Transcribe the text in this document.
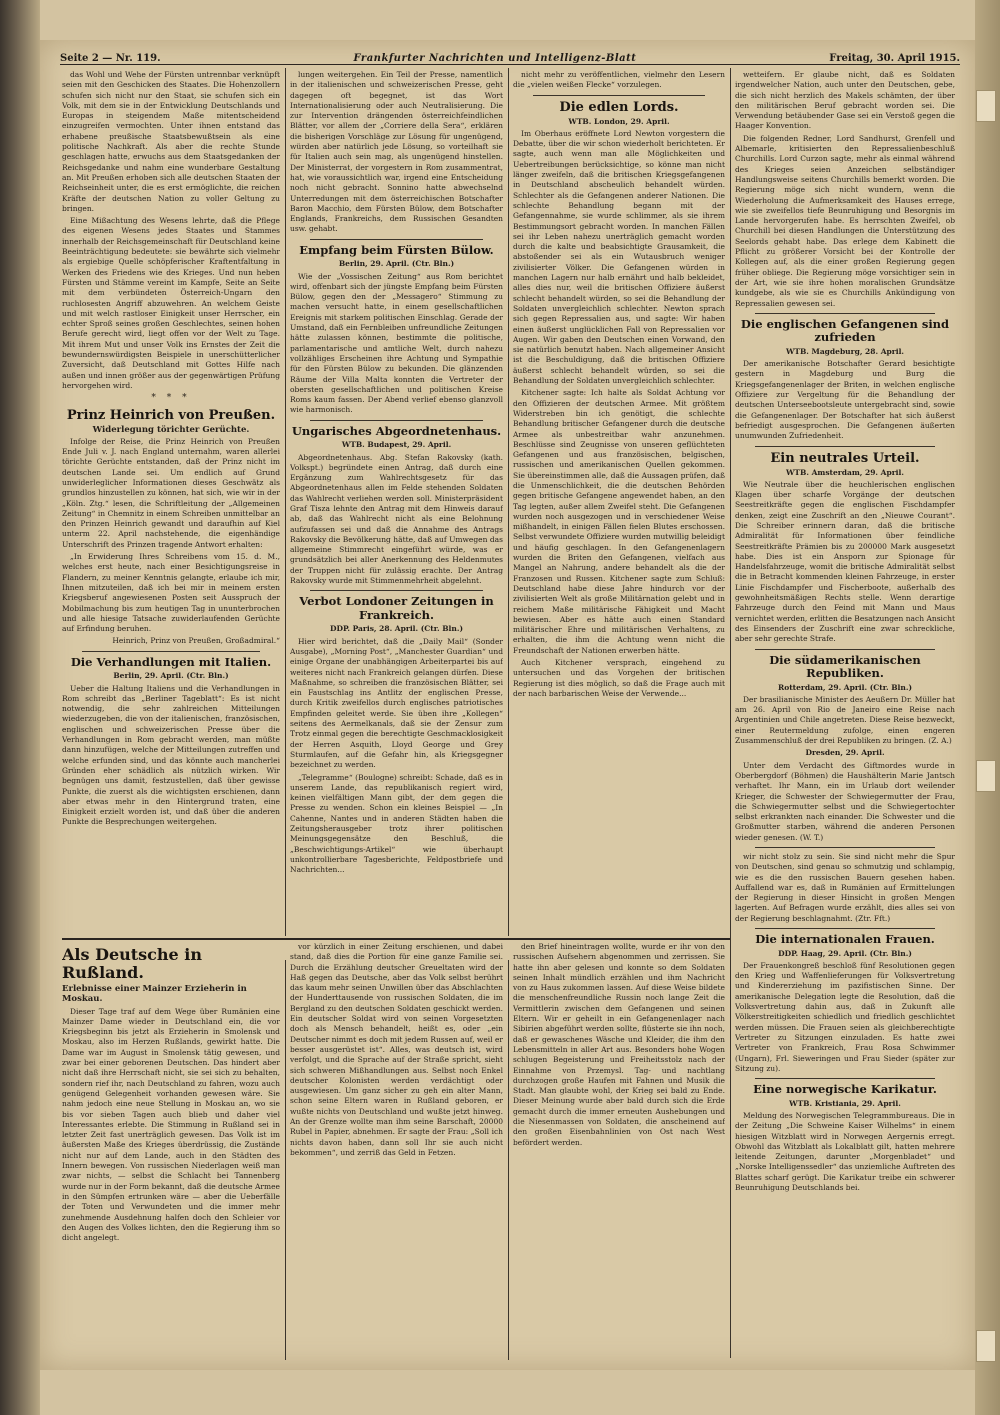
Seite 2 — Nr. 119.	Frankfurter Nachrichten und Intelligenz-Blatt	Freitag, 30. April 1915.

das Wohl und Wehe der Fürsten untrennbar verknüpft seien mit den Geschicken des Staates. Die Hohenzollern schufen sich nicht nur den Staat, sie schufen sich ein Volk, mit dem sie in der Entwicklung Deutschlands und Europas in steigendem Maße mitentscheidend einzugreifen vermochten. Unter ihnen entstand das erhabene preußische Staatsbewußtsein als eine politische Nachkraft. Als aber die rechte Stunde geschlagen hatte, erwuchs aus dem Staatsgedanken der Reichsgedanke und nahm eine wunderbare Gestaltung an. Mit Preußen erhoben sich alle deutschen Staaten der Reichseinheit unter, die es erst ermöglichte, die reichen Kräfte der deutschen Nation zu voller Geltung zu bringen.

Eine Mißachtung des Wesens lehrte, daß die Pflege des eigenen Wesens jedes Staates und Stammes innerhalb der Reichsgemeinschaft für Deutschland keine Beeinträchtigung bedeutete: sie bewährte sich vielmehr als ergiebige Quelle schöpferischer Kraftentfaltung in Werken des Friedens wie des Krieges. Und nun heben Fürsten und Stämme vereint im Kampfe, Seite an Seite mit dem verbündeten Österreich-Ungarn den ruchlosesten Angriff abzuwehren. An welchem Geiste und mit welch rastloser Einigkeit unser Herrscher, ein echter Sproß seines großen Geschlechtes, seinen hohen Berufe gerecht wird, liegt offen vor der Welt zu Tage. Mit ihrem Mut und unser Volk ins Ernstes der Zeit die bewundernswürdigsten Beispiele in unerschütterlicher Zuversicht, daß Deutschland mit Gottes Hilfe nach außen und innen größer aus der gegenwärtigen Prüfung hervorgehen wird.

* * *

Prinz Heinrich von Preußen.

Widerlegung törichter Gerüchte.

Infolge der Reise, die Prinz Heinrich von Preußen Ende Juli v. J. nach England unternahm, waren allerlei törichte Gerüchte entstanden, daß der Prinz nicht im deutschen Lande sei. Um endlich auf Grund unwiderleglicher Informationen dieses Geschwätz als grundlos hinzustellen zu können, hat sich, wie wir in der „Köln. Ztg.“ lesen, die Schriftleitung der „Allgemeinen Zeitung“ in Chemnitz in einem Schreiben unmittelbar an den Prinzen Heinrich gewandt und daraufhin auf Kiel unterm 22. April nachstehende, die eigenhändige Unterschrift des Prinzen tragende Antwort erhalten:

„In Erwiderung Ihres Schreibens vom 15. d. M., welches erst heute, nach einer Besichtigungsreise in Flandern, zu meiner Kenntnis gelangte, erlaube ich mir, Ihnen mitzuteilen, daß ich bei mir in meinem ersten Kriegsberuf angewiesenen Posten seit Ausspruch der Mobilmachung bis zum heutigen Tag in ununterbrochen und alle hiesige Tatsache zuwiderlaufenden Gerüchte auf Erfindung beruhen.

Heinrich, Prinz von Preußen, Großadmiral.“

Die Verhandlungen mit Italien.

Berlin, 29. April. (Ctr. Bln.)

Ueber die Haltung Italiens und die Verhandlungen in Rom schreibt das „Berliner Tageblatt“: Es ist nicht notwendig, die sehr zahlreichen Mitteilungen wiederzugeben, die von der italienischen, französischen, englischen und schweizerischen Presse über die Verhandlungen in Rom gebracht werden, man müßte dann hinzufügen, welche der Mitteilungen zutreffen und welche erfunden sind, und das könnte auch mancherlei Gründen eher schädlich als nützlich wirken. Wir begnügen uns damit, festzustellen, daß über gewisse Punkte, die zuerst als die wichtigsten erschienen, dann aber etwas mehr in den Hintergrund traten, eine Einigkeit erzielt worden ist, und daß über die anderen Punkte die Besprechungen weitergehen.

lungen weitergehen. Ein Teil der Presse, namentlich in der italienischen und schweizerischen Presse, geht dagegen oft begegnet, ist das Wort Internationalisierung oder auch Neutralisierung. Die zur Intervention drängenden österreichfeindlichen Blätter, vor allem der „Corriere della Sera“, erklären die bisherigen Vorschläge zur Lösung für ungenügend, würden aber natürlich jede Lösung, so vorteilhaft sie für Italien auch sein mag, als ungenügend hinstellen. Der Ministerrat, der vorgestern in Rom zusammentrat, hat, wie voraussichtlich war, irgend eine Entscheidung noch nicht gebracht. Sonnino hatte abwechselnd Unterredungen mit dem österreichischen Botschafter Baron Macchio, dem Fürsten Bülow, dem Botschafter Englands, Frankreichs, dem Russischen Gesandten usw. gehabt.

Empfang beim Fürsten Bülow.

Berlin, 29. April. (Ctr. Bln.)

Wie der „Vossischen Zeitung“ aus Rom berichtet wird, offenbart sich der jüngste Empfang beim Fürsten Bülow, gegen den der „Messagero“ Stimmung zu machen versucht hatte, in einem gesellschaftlichen Ereignis mit starkem politischen Einschlag. Gerade der Umstand, daß ein Fernbleiben unfreundliche Zeitungen hätte zulassen können, bestimmte die politische, parlamentarische und amtliche Welt, durch nahezu vollzähliges Erscheinen ihre Achtung und Sympathie für den Fürsten Bülow zu bekunden. Die glänzenden Räume der Villa Malta konnten die Vertreter der obersten gesellschaftlichen und politischen Kreise Roms kaum fassen. Der Abend verlief ebenso glanzvoll wie harmonisch.

Ungarisches Abgeordnetenhaus.

WTB. Budapest, 29. April.

Abgeordnetenhaus. Abg. Stefan Rakovsky (kath. Volkspt.) begründete einen Antrag, daß durch eine Ergänzung zum Wahlrechtsgesetz für das Abgeordnetenhaus allen im Felde stehenden Soldaten das Wahlrecht verliehen werden soll. Ministerpräsident Graf Tisza lehnte den Antrag mit dem Hinweis darauf ab, daß das Wahlrecht nicht als eine Belohnung aufzufassen sei und daß die Annahme des Antrags Rakovsky die Bevölkerung hätte, daß auf Umwegen das allgemeine Stimmrecht eingeführt würde, was er grundsätzlich bei aller Anerkennung des Heldenmutes der Truppen nicht für zulässig erachte. Der Antrag Rakovsky wurde mit Stimmenmehrheit abgelehnt.

Verbot Londoner Zeitungen in Frankreich.

DDP. Paris, 28. April. (Ctr. Bln.)

Hier wird berichtet, daß die „Daily Mail“ (Sonder Ausgabe), „Morning Post“, „Manchester Guardian“ und einige Organe der unabhängigen Arbeiterpartei bis auf weiteres nicht nach Frankreich gelangen dürfen. Diese Maßnahme, so schreiben die französischen Blätter, sei ein Faustschlag ins Antlitz der englischen Presse, durch Kritik zweifellos durch englisches patriotisches Empfinden geleitet werde. Sie üben ihre „Kollegen“ seitens des Aermelkanals, daß sie der Zensur zum Trotz einmal gegen die berechtigte Geschmacklosigkeit der Herren Asquith, Lloyd George und Grey Sturmlaufen, auf die Gefahr hin, als Kriegsgegner bezeichnet zu werden.

„Telegramme“ (Boulogne) schreibt: Schade, daß es in unserem Lande, das republikanisch regiert wird, keinen vielfältigen Mann gibt, der dem gegen die Presse zu wenden. Schon ein kleines Beispiel — „In Cahenne, Nantes und in anderen Städten haben die Zeitungsherausgeber trotz ihrer politischen Meinungsgegensätze den Beschluß, die „Beschwichtigungs-Artikel“ wie überhaupt unkontrollierbare Tagesberichte, Feldpostbriefe und Nachrichten...

nicht mehr zu veröffentlichen, vielmehr den Lesern die „vielen weißen Flecke“ vorzulegen.

Die edlen Lords.

WTB. London, 29. April.

Im Oberhaus eröffnete Lord Newton vorgestern die Debatte, über die wir schon wiederholt berichteten. Er sagte, auch wenn man alle Möglichkeiten und Uebertreibungen berücksichtige, so könne man nicht länger zweifeln, daß die britischen Kriegsgefangenen in Deutschland abscheulich behandelt würden. Schlechter als die Gefangenen anderer Nationen. Die schlechte Behandlung begann mit der Gefangennahme, sie wurde schlimmer, als sie ihrem Bestimmungsort gebracht worden. In manchen Fällen sei ihr Leben nahezu unerträglich gemacht worden durch die kalte und beabsichtigte Grausamkeit, die abstoßender sei als ein Wutausbruch weniger zivilisierter Völker. Die Gefangenen würden in manchen Lagern nur halb ernährt und halb bekleidet, alles dies nur, weil die britischen Offiziere äußerst schlecht behandelt würden, so sei die Behandlung der Soldaten unvergleichlich schlechter. Newton sprach sich gegen Repressalien aus, und sagte: Wir haben einen äußerst unglücklichen Fall von Repressalien vor Augen. Wir gaben den Deutschen einen Vorwand, den sie natürlich benutzt haben. Nach allgemeiner Ansicht ist die Beschuldigung, daß die britischen Offiziere äußerst schlecht behandelt würden, so sei die Behandlung der Soldaten unvergleichlich schlechter.

Kitchener sagte: Ich halte als Soldat Achtung vor den Offizieren der deutschen Armee. Mit größtem Widerstreben bin ich genötigt, die schlechte Behandlung britischer Gefangener durch die deutsche Armee als unbestreitbar wahr anzunehmen. Beschlüsse sind Zeugnisse von unseren geflüchteten Gefangenen und aus französischen, belgischen, russischen und amerikanischen Quellen gekommen. Sie übereinstimmen alle, daß die Aussagen prüfen, daß die Unmenschlichkeit, die die deutschen Behörden gegen britische Gefangene angewendet haben, an den Tag legten, außer allem Zweifel steht. Die Gefangenen wurden noch ausgezogen und in verschiedener Weise mißhandelt, in einigen Fällen fielen Blutes erschossen. Selbst verwundete Offiziere wurden mutwillig beleidigt und häufig geschlagen. In den Gefangenenlagern wurden die Briten den Gefangenen, vielfach aus Mangel an Nahrung, andere behandelt als die der Franzosen und Russen. Kitchener sagte zum Schluß: Deutschland habe diese Jahre hindurch vor der zivilisierten Welt als große Militärnation gelebt und in reichem Maße militärische Fähigkeit und Macht bewiesen. Aber es hätte auch einen Standard militärischer Ehre und militärischen Verhaltens, zu erhalten, die ihm die Achtung wenn nicht die Freundschaft der Nationen erwerben hätte.

Auch Kitchener versprach, eingehend zu untersuchen und das Vorgehen der britischen Regierung ist dies möglich, so daß die Frage auch mit der nach barbarischen Weise der Verwende...

wetteifern. Er glaube nicht, daß es Soldaten irgendwelcher Nation, auch unter den Deutschen, gebe, die sich nicht herzlich des Makels schämten, der über den militärischen Beruf gebracht worden sei. Die Verwendung betäubender Gase sei ein Verstoß gegen die Haager Konvention.

Die folgenden Redner, Lord Sandhurst, Grenfell und Albemarle, kritisierten den Repressalienbeschluß Churchills. Lord Curzon sagte, mehr als einmal während des Krieges seien Anzeichen selbständiger Handlungsweise seitens Churchills bemerkt worden. Die Regierung möge sich nicht wundern, wenn die Wiederholung die Aufmerksamkeit des Hauses errege, wie sie zweifellos tiefe Beunruhigung und Besorgnis im Lande hervorgerufen habe. Es herrschten Zweifel, ob Churchill bei diesen Handlungen die Unterstützung des Seelords gehabt habe. Das erlege dem Kabinett die Pflicht zu größerer Vorsicht bei der Kontrolle der Kollegen auf, als die einer großen Regierung gegen früher obliege. Die Regierung möge vorsichtiger sein in der Art, wie sie ihre hohen moralischen Grundsätze kundgebe, als wie sie es Churchills Ankündigung von Repressalien gewesen sei.

Die englischen Gefangenen sind zufrieden

WTB. Magdeburg, 28. April.

Der amerikanische Botschafter Gerard besichtigte gestern in Magdeburg und Burg die Kriegsgefangenenlager der Briten, in welchen englische Offiziere zur Vergeltung für die Behandlung der deutschen Unterseebootsleute untergebracht sind, sowie die Gefangenenlager. Der Botschafter hat sich äußerst befriedigt ausgesprochen. Die Gefangenen äußerten unumwunden Zufriedenheit.

Ein neutrales Urteil.

WTB. Amsterdam, 29. April.

Wie Neutrale über die heuchlerischen englischen Klagen über scharfe Vorgänge der deutschen Seestreitkräfte gegen die englischen Fischdampfer denken, zeigt eine Zuschrift an den „Nieuwe Courant“. Die Schreiber erinnern daran, daß die britische Admiralität für Informationen über feindliche Seestreitkräfte Prämien bis zu 200000 Mark ausgesetzt habe. Dies ist ein Ansporn zur Spionage für Handelsfahrzeuge, womit die britische Admiralität selbst die in Betracht kommenden kleinen Fahrzeuge, in erster Linie Fischdampfer und Fischerboote, außerhalb des gewohnheitsmäßigen Rechts stelle. Wenn derartige Fahrzeuge durch den Feind mit Mann und Maus vernichtet werden, erlitten die Besatzungen nach Ansicht des Einsenders der Zuschrift eine zwar schreckliche, aber sehr gerechte Strafe.

Die südamerikanischen Republiken.

Rotterdam, 29. April. (Ctr. Bln.)

Der brasilianische Minister des Aeußern Dr. Müller hat am 26. April von Rio de Janeiro eine Reise nach Argentinien und Chile angetreten. Diese Reise bezweckt, einer Reutermeldung zufolge, einen engeren Zusammenschluß der drei Republiken zu bringen. (Z. A.)

Dresden, 29. April.

Unter dem Verdacht des Giftmordes wurde in Oberbergdorf (Böhmen) die Haushälterin Marie Jantsch verhaftet. Ihr Mann, ein im Urlaub dort weilender Krieger, die Schwester der Schwiegermutter der Frau, die Schwiegermutter selbst und die Schwiegertochter selbst erkrankten nach einander. Die Schwester und die Großmutter starben, während die anderen Personen wieder genesen. (W. T.)

wir nicht stolz zu sein. Sie sind nicht mehr die Spur von Deutschen, sind genau so schmutzig und schlampig, wie es die den russischen Bauern gesehen haben. Auffallend war es, daß in Rumänien auf Ermittelungen der Regierung in dieser Hinsicht in großen Mengen lagerten. Auf Befragen wurde erzählt, dies alles sei von der Regierung beschlagnahmt. (Ztr. Fft.)

Die internationalen Frauen.

DDP. Haag, 29. April. (Ctr. Bln.)

Der Frauenkongreß beschloß fünf Resolutionen gegen den Krieg und Waffenlieferungen für Volksvertretung und Kindererziehung im pazifistischen Sinne. Der amerikanische Delegation legte die Resolution, daß die Volksvertretung dahin aus, daß in Zukunft alle Völkerstreitigkeiten schiedlich und friedlich geschlichtet werden müssen. Die Frauen seien als gleichberechtigte Vertreter zu Sitzungen einzuladen. Es hatte zwei Vertreter von Frankreich, Frau Rosa Schwimmer (Ungarn), Frl. Sieweringen und Frau Sieder (später zur Sitzung zu).

Eine norwegische Karikatur.

WTB. Kristiania, 29. April.

Meldung des Norwegischen Telegrammbureaus. Die in der Zeitung „Die Schweine Kaiser Wilhelms“ in einem hiesigen Witzblatt wird in Norwegen Aergernis erregt. Obwohl das Witzblatt als Lokalblatt gilt, hatten mehrere leitende Zeitungen, darunter „Morgenbladet“ und „Norske Intelligenssedler“ das unziemliche Auftreten des Blattes scharf gerügt. Die Karikatur treibe ein schwerer Beunruhigung Deutschlands bei.

Als Deutsche in Rußland.

Erlebnisse einer Mainzer Erzieherin in Moskau.

Dieser Tage traf auf dem Wege über Rumänien eine Mainzer Dame wieder in Deutschland ein, die vor Kriegsbeginn bis jetzt als Erzieherin in Smolensk und Moskau, also im Herzen Rußlands, gewirkt hatte. Die Dame war im August in Smolensk tätig gewesen, und zwar bei einer geborenen Deutschen. Das hindert aber nicht daß ihre Herrschaft nicht, sie sei sich zu behalten, sondern rief ihr, nach Deutschland zu fahren, wozu auch genügend Gelegenheit vorhanden gewesen wäre. Sie nahm jedoch eine neue Stellung in Moskau an, wo sie bis vor sieben Tagen auch blieb und daher viel Interessantes erlebte. Die Stimmung in Rußland sei in letzter Zeit fast unerträglich gewesen. Das Volk ist im äußersten Maße des Krieges überdrüssig, die Zustände nicht nur auf dem Lande, auch in den Städten des Innern bewegen. Von russischen Niederlagen weiß man zwar nichts, — selbst die Schlacht bei Tannenberg wurde nur in der Form bekannt, daß die deutsche Armee in den Sümpfen ertrunken wäre — aber die Ueberfälle der Toten und Verwundeten und die immer mehr zunehmende Ausdehnung halfen doch den Schleier vor den Augen des Volkes lichten, den die Regierung ihm so dicht angelegt.

vor kürzlich in einer Zeitung erschienen, und dabei stand, daß dies die Portion für eine ganze Familie sei. Durch die Erzählung deutscher Greueltaten wird der Haß gegen das Deutsche, aber das Volk selbst berührt das kaum mehr seinen Unwillen über das Abschlachten der Hunderttausende von russischen Soldaten, die im Bergland zu den deutschen Soldaten geschickt werden. Ein deutscher Soldat wird von seinen Vorgesetzten doch als Mensch behandelt, heißt es, oder „ein Deutscher nimmt es doch mit jedem Russen auf, weil er besser ausgerüstet ist“. Alles, was deutsch ist, wird verfolgt, und die Sprache auf der Straße spricht, sieht sich schweren Mißhandlungen aus. Selbst noch Enkel deutscher Kolonisten werden verdächtigt oder ausgewiesen. Um ganz sicher zu geh ein alter Mann, schon seine Eltern waren in Rußland geboren, er wußte nichts von Deutschland und wußte jetzt hinweg. An der Grenze wollte man ihm seine Barschaft, 20000 Rubel in Papier, abnehmen. Er sagte der Frau: „Soll ich nichts davon haben, dann soll Ihr sie auch nicht bekommen“, und zerriß das Geld in Fetzen.

den Brief hineintragen wollte, wurde er ihr von den russischen Aufsehern abgenommen und zerrissen. Sie hatte ihn aber gelesen und konnte so dem Soldaten seinen Inhalt mündlich erzählen und ihm Nachricht von zu Haus zukommen lassen. Auf diese Weise bildete die menschenfreundliche Russin noch lange Zeit die Vermittlerin zwischen dem Gefangenen und seinen Eltern. Wir er geheilt in ein Gefangenenlager nach Sibirien abgeführt werden sollte, flüsterte sie ihn noch, daß er gewaschenes Wäsche und Kleider, die ihm den Lebensmitteln in aller Art aus. Besonders hohe Wogen schlugen Begeisterung und Freiheitsstolz nach der Einnahme von Przemysl. Tag- und nachtlang durchzogen große Haufen mit Fahnen und Musik die Stadt. Man glaubte wohl, der Krieg sei bald zu Ende. Dieser Meinung wurde aber bald durch sich die Erde gemacht durch die immer erneuten Aushebungen und die Niesenmassen von Soldaten, die anscheinend auf den großen Eisenbahnlinien von Ost nach West befördert werden.
